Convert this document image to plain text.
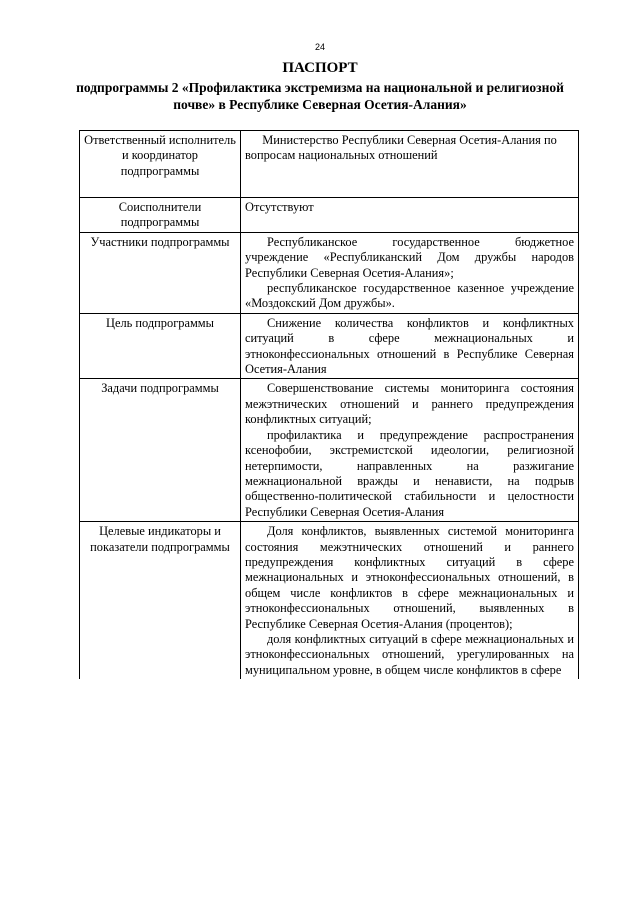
24
ПАСПОРТ
подпрограммы 2 «Профилактика экстремизма на национальной и религиозной почве» в Республике Северная Осетия-Алания»
Ответственный исполнитель и координатор подпрограммы	Министерство Республики Северная Осетия-Алания по вопросам национальных отношений

Соисполнители подпрограммы	Отсутствуют

Участники подпрограммы	Республиканское государственное бюджетное учреждение «Республиканский Дом дружбы народов Республики Северная Осетия-Алания»;

республиканское государственное казенное учреждение «Моздокский Дом дружбы».

Цель подпрограммы	Снижение количества конфликтов и конфликтных ситуаций в сфере межнациональных и этноконфессиональных отношений в Республике Северная Осетия-Алания

Задачи подпрограммы	Совершенствование системы мониторинга состояния межэтнических отношений и раннего предупреждения конфликтных ситуаций;

профилактика и предупреждение распространения ксенофобии, экстремистской идеологии, религиозной нетерпимости, направленных на разжигание межнациональной вражды и ненависти, на подрыв общественно-политической стабильности и целостности Республики Северная Осетия-Алания

Целевые индикаторы и показатели подпрограммы	Доля конфликтов, выявленных системой мониторинга состояния межэтнических отношений и раннего предупреждения конфликтных ситуаций в сфере межнациональных и этноконфессиональных отношений, в общем числе конфликтов в сфере межнациональных и этноконфессиональных отношений, выявленных в Республике Северная Осетия-Алания (процентов);

доля конфликтных ситуаций в сфере межнациональных и этноконфессиональных отношений, урегулированных на муниципальном уровне, в общем числе конфликтов в сфере
